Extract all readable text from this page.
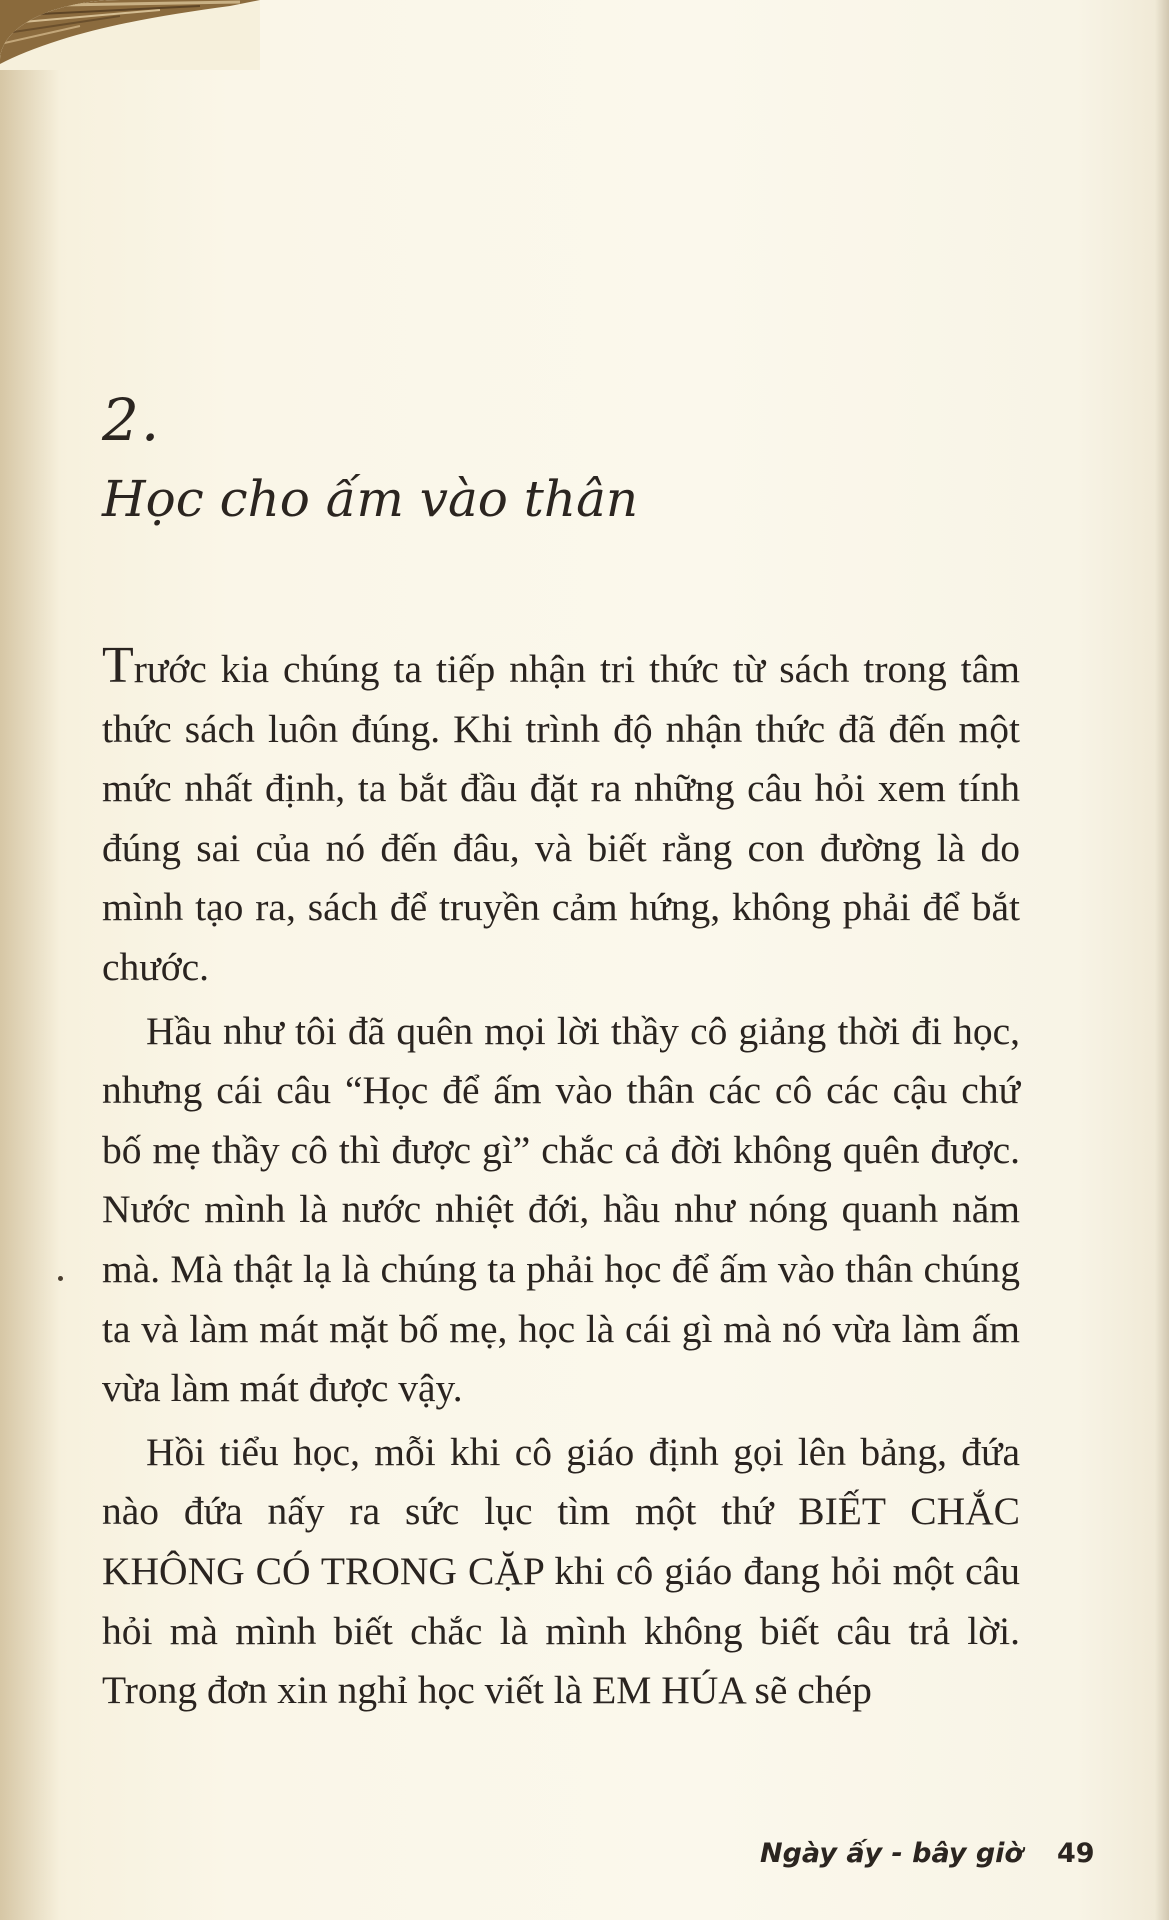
2.
Học cho ấm vào thân

Trước kia chúng ta tiếp nhận tri thức từ sách trong tâm thức sách luôn đúng. Khi trình độ nhận thức đã đến một mức nhất định, ta bắt đầu đặt ra những câu hỏi xem tính đúng sai của nó đến đâu, và biết rằng con đường là do mình tạo ra, sách để truyền cảm hứng, không phải để bắt chước.

Hầu như tôi đã quên mọi lời thầy cô giảng thời đi học, nhưng cái câu “Học để ấm vào thân các cô các cậu chứ bố mẹ thầy cô thì được gì” chắc cả đời không quên được. Nước mình là nước nhiệt đới, hầu như nóng quanh năm mà. Mà thật lạ là chúng ta phải học để ấm vào thân chúng ta và làm mát mặt bố mẹ, học là cái gì mà nó vừa làm ấm vừa làm mát được vậy.

Hồi tiểu học, mỗi khi cô giáo định gọi lên bảng, đứa nào đứa nấy ra sức lục tìm một thứ BIẾT CHẮC KHÔNG CÓ TRONG CẶP khi cô giáo đang hỏi một câu hỏi mà mình biết chắc là mình không biết câu trả lời. Trong đơn xin nghỉ học viết là EM HÚA sẽ chép

Ngày ấy - bây giờ 49
